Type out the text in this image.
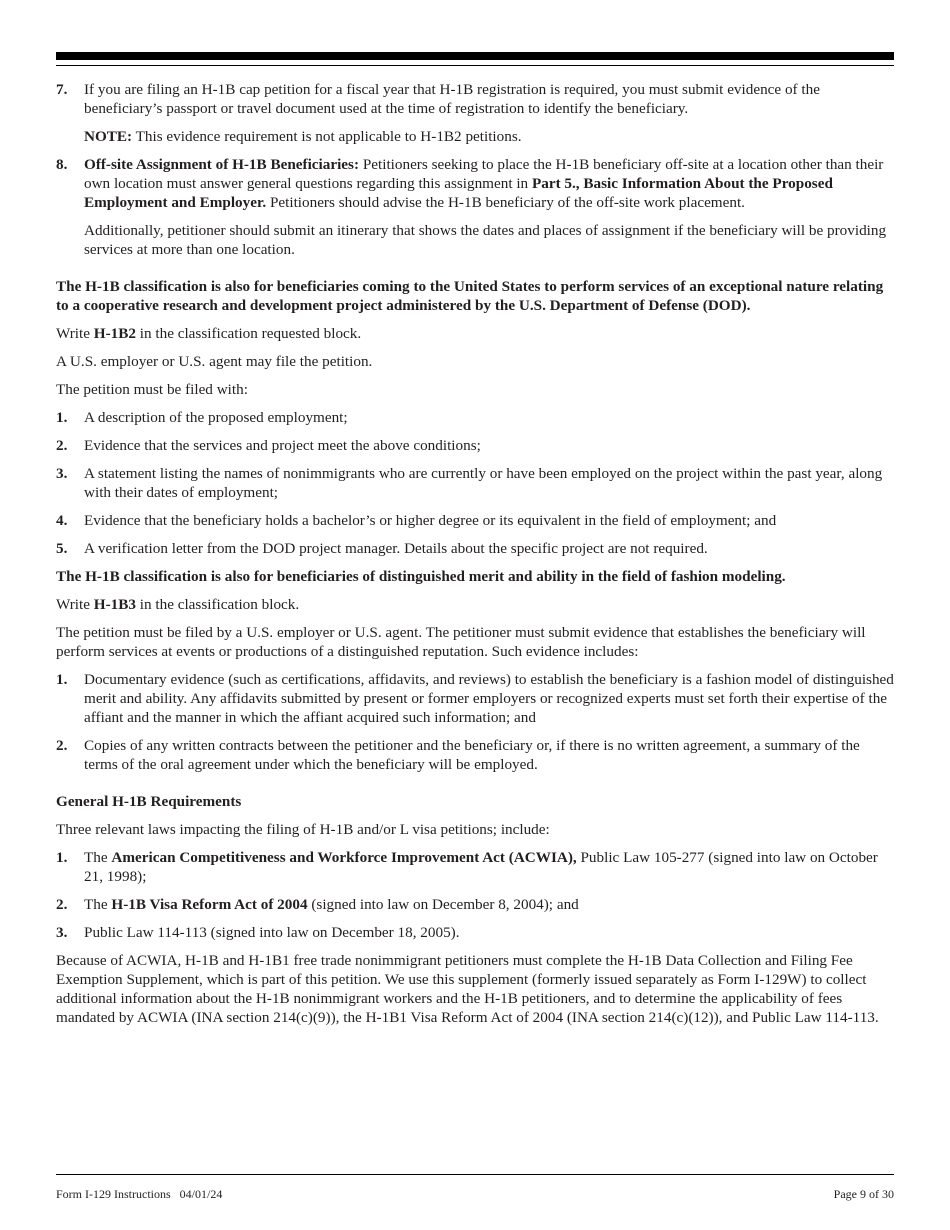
7.	If you are filing an H-1B cap petition for a fiscal year that H-1B registration is required, you must submit evidence of the beneficiary’s passport or travel document used at the time of registration to identify the beneficiary.

NOTE: This evidence requirement is not applicable to H-1B2 petitions.

8.	Off-site Assignment of H-1B Beneficiaries: Petitioners seeking to place the H-1B beneficiary off-site at a location other than their own location must answer general questions regarding this assignment in Part 5., Basic Information About the Proposed Employment and Employer. Petitioners should advise the H-1B beneficiary of the off-site work placement.

Additionally, petitioner should submit an itinerary that shows the dates and places of assignment if the beneficiary will be providing services at more than one location.

The H-1B classification is also for beneficiaries coming to the United States to perform services of an exceptional nature relating to a cooperative research and development project administered by the U.S. Department of Defense (DOD).

Write H-1B2 in the classification requested block.

A U.S. employer or U.S. agent may file the petition.

The petition must be filed with:

1.	A description of the proposed employment;
2.	Evidence that the services and project meet the above conditions;
3.	A statement listing the names of nonimmigrants who are currently or have been employed on the project within the past year, along with their dates of employment;
4.	Evidence that the beneficiary holds a bachelor’s or higher degree or its equivalent in the field of employment; and
5.	A verification letter from the DOD project manager. Details about the specific project are not required.

The H-1B classification is also for beneficiaries of distinguished merit and ability in the field of fashion modeling.

Write H-1B3 in the classification block.

The petition must be filed by a U.S. employer or U.S. agent. The petitioner must submit evidence that establishes the beneficiary will perform services at events or productions of a distinguished reputation. Such evidence includes:

1.	Documentary evidence (such as certifications, affidavits, and reviews) to establish the beneficiary is a fashion model of distinguished merit and ability. Any affidavits submitted by present or former employers or recognized experts must set forth their expertise of the affiant and the manner in which the affiant acquired such information; and
2.	Copies of any written contracts between the petitioner and the beneficiary or, if there is no written agreement, a summary of the terms of the oral agreement under which the beneficiary will be employed.

General H-1B Requirements

Three relevant laws impacting the filing of H-1B and/or L visa petitions; include:

1.	The American Competitiveness and Workforce Improvement Act (ACWIA), Public Law 105-277 (signed into law on October 21, 1998);
2.	The H-1B Visa Reform Act of 2004 (signed into law on December 8, 2004); and
3.	Public Law 114-113 (signed into law on December 18, 2005).

Because of ACWIA, H-1B and H-1B1 free trade nonimmigrant petitioners must complete the H-1B Data Collection and Filing Fee Exemption Supplement, which is part of this petition. We use this supplement (formerly issued separately as Form I-129W) to collect additional information about the H-1B nonimmigrant workers and the H-1B petitioners, and to determine the applicability of fees mandated by ACWIA (INA section 214(c)(9)), the H-1B1 Visa Reform Act of 2004 (INA section 214(c)(12)), and Public Law 114-113.

Form I-129 Instructions   04/01/24	Page 9 of 30
